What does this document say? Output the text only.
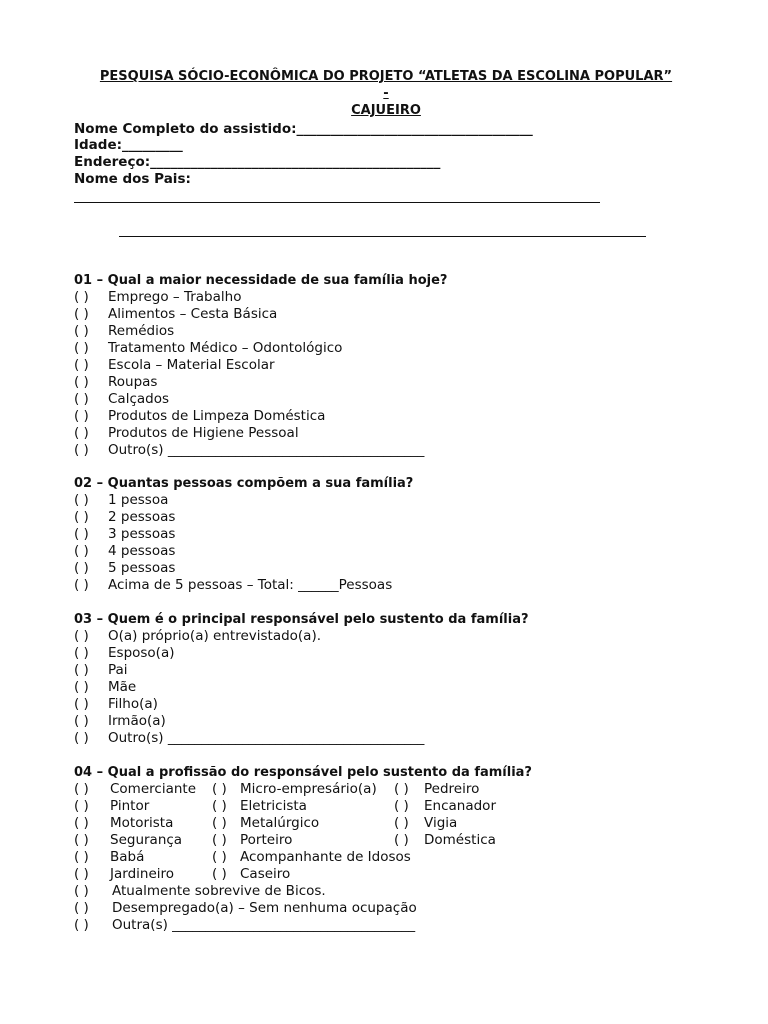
PESQUISA SÓCIO-ECONÔMICA DO PROJETO “ATLETAS DA ESCOLINA POPULAR” -
CAJUEIRO
Nome Completo do assistido:___________________________________
Idade:_________
Endereço:___________________________________________
Nome dos Pais:
01 – Qual a maior necessidade de sua família hoje?
( ) Emprego – Trabalho
( ) Alimentos – Cesta Básica
( ) Remédios
( ) Tratamento Médico – Odontológico
( ) Escola – Material Escolar
( ) Roupas
( ) Calçados
( ) Produtos de Limpeza Doméstica
( ) Produtos de Higiene Pessoal
( ) Outro(s) ______________________________________
02 – Quantas pessoas compõem a sua família?
( ) 1 pessoa
( ) 2 pessoas
( ) 3 pessoas
( ) 4 pessoas
( ) 5 pessoas
( ) Acima de 5 pessoas – Total: ______Pessoas
03 – Quem é o principal responsável pelo sustento da família?
( ) O(a) próprio(a) entrevistado(a).
( ) Esposo(a)
( ) Pai
( ) Mãe
( ) Filho(a)
( ) Irmão(a)
( ) Outro(s) ______________________________________
04 – Qual a profissão do responsável pelo sustento da família?
( ) Comerciante ( ) Micro-empresário(a) ( ) Pedreiro
( ) Pintor	( ) Eletricista	( ) Encanador
( ) Motorista	( ) Metalúrgico	( ) Vigia
( ) Segurança ( ) Porteiro	( ) Doméstica
( ) Babá	( ) Acompanhante de Idosos
( ) Jardineiro	( ) Caseiro
( ) Atualmente sobrevive de Bicos.
( ) Desempregado(a) – Sem nenhuma ocupação
( ) Outra(s) ____________________________________
